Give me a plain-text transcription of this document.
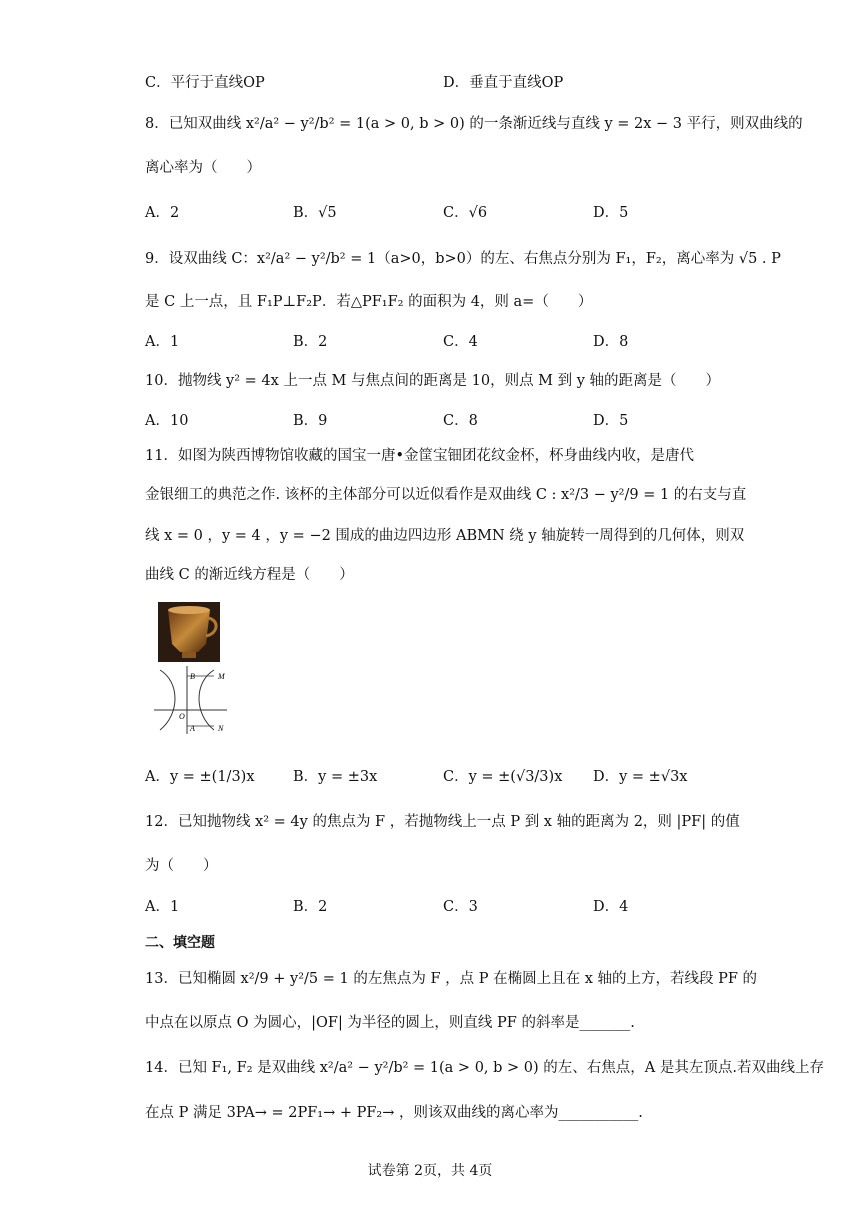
C．平行于直线OP	D．垂直于直线OP
8．已知双曲线 x²/a² − y²/b² = 1(a > 0, b > 0) 的一条渐近线与直线 y = 2x − 3 平行，则双曲线的
离心率为（　　）
A．2	B．√5	C．√6	D．5
9．设双曲线 C：x²/a² − y²/b² = 1（a>0，b>0）的左、右焦点分别为 F₁，F₂，离心率为 √5 . P
是 C 上一点，且 F₁P⊥F₂P．若△PF₁F₂ 的面积为 4，则 a=（　　）
A．1	B．2	C．4	D．8
10．抛物线 y² = 4x 上一点 M 与焦点间的距离是 10，则点 M 到 y 轴的距离是（　　）
A．10	B．9	C．8	D．5
11．如图为陕西博物馆收藏的国宝一唐•金筐宝钿团花纹金杯，杯身曲线内收，是唐代
金银细工的典范之作. 该杯的主体部分可以近似看作是双曲线 C : x²/3 − y²/9 = 1 的右支与直
线 x = 0 ，y = 4 ，y = −2 围成的曲边四边形 ABMN 绕 y 轴旋转一周得到的几何体，则双
曲线 C 的渐近线方程是（　　）
A．y = ±(1/3)x	B．y = ±3x	C．y = ±(√3/3)x D．y = ±√3x
12．已知抛物线 x² = 4y 的焦点为 F ，若抛物线上一点 P 到 x 轴的距离为 2，则 |PF| 的值
为（　　）
A．1	B．2	C．3	D．4
13．已知椭圆 x²/9 + y²/5 = 1 的左焦点为 F ，点 P 在椭圆上且在 x 轴的上方，若线段 PF 的
中点在以原点 O 为圆心，|OF| 为半径的圆上，则直线 PF 的斜率是_______.
14．已知 F₁, F₂ 是双曲线 x²/a² − y²/b² = 1(a > 0, b > 0) 的左、右焦点，A 是其左顶点.若双曲线上存
在点 P 满足 3PA→ = 2PF₁→ + PF₂→ ，则该双曲线的离心率为___________.
二、填空题
B	M
O
A	N
试卷第 2页，共 4页
